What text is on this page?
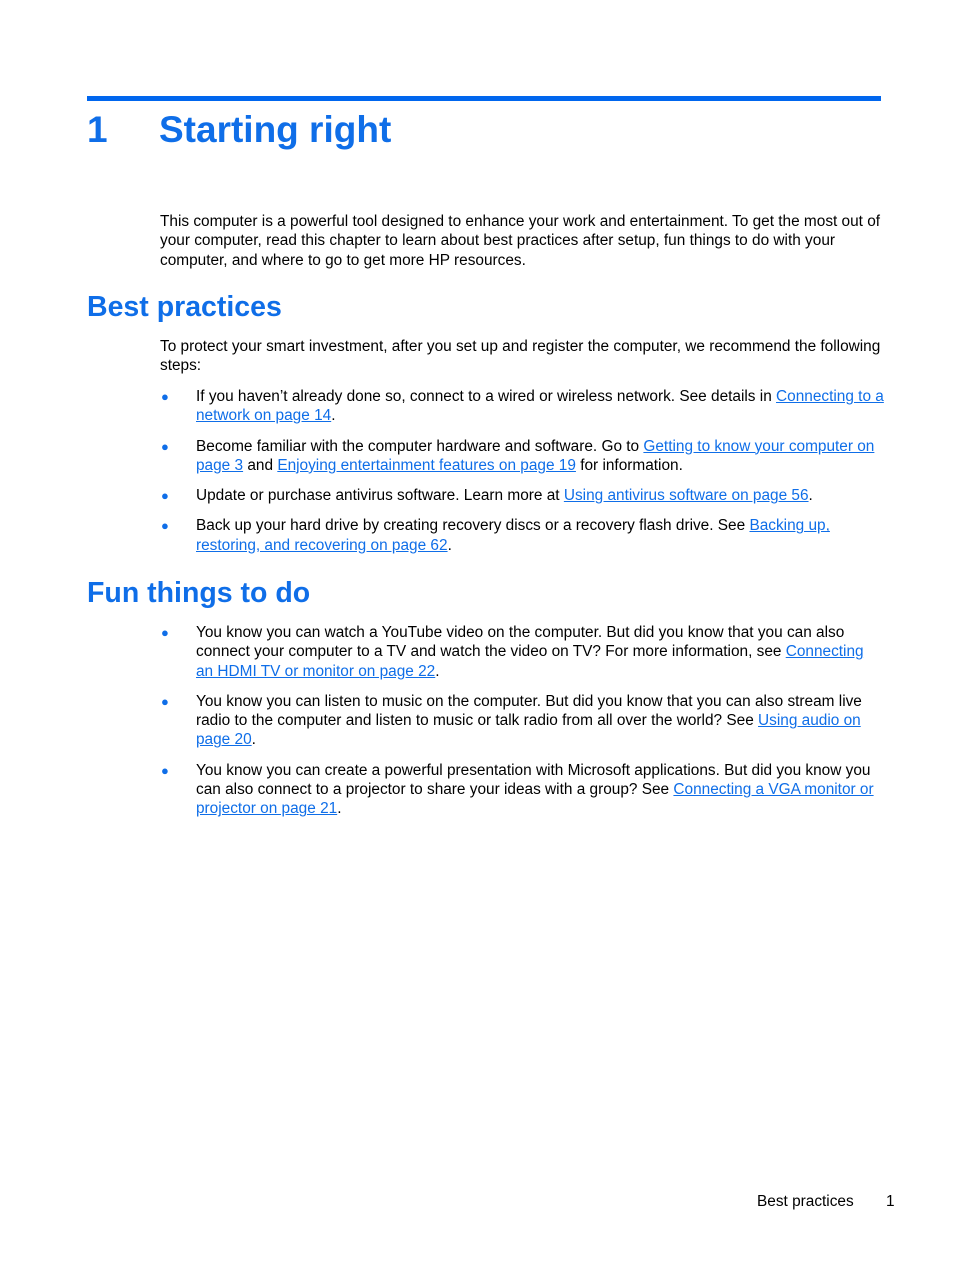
1 Starting right

This computer is a powerful tool designed to enhance your work and entertainment. To get the most out of your computer, read this chapter to learn about best practices after setup, fun things to do with your computer, and where to go to get more HP resources.

Best practices

To protect your smart investment, after you set up and register the computer, we recommend the following steps:

● If you haven’t already done so, connect to a wired or wireless network. See details in Connecting to a network on page 14.
● Become familiar with the computer hardware and software. Go to Getting to know your computer on page 3 and Enjoying entertainment features on page 19 for information.
● Update or purchase antivirus software. Learn more at Using antivirus software on page 56.
● Back up your hard drive by creating recovery discs or a recovery flash drive. See Backing up, restoring, and recovering on page 62.
Fun things to do
● You know you can watch a YouTube video on the computer. But did you know that you can also connect your computer to a TV and watch the video on TV? For more information, see Connecting an HDMI TV or monitor on page 22.
● You know you can listen to music on the computer. But did you know that you can also stream live radio to the computer and listen to music or talk radio from all over the world? See Using audio on page 20.
● You know you can create a powerful presentation with Microsoft applications. But did you know you can also connect to a projector to share your ideas with a group? See Connecting a VGA monitor or projector on page 21.
Best practices 1
